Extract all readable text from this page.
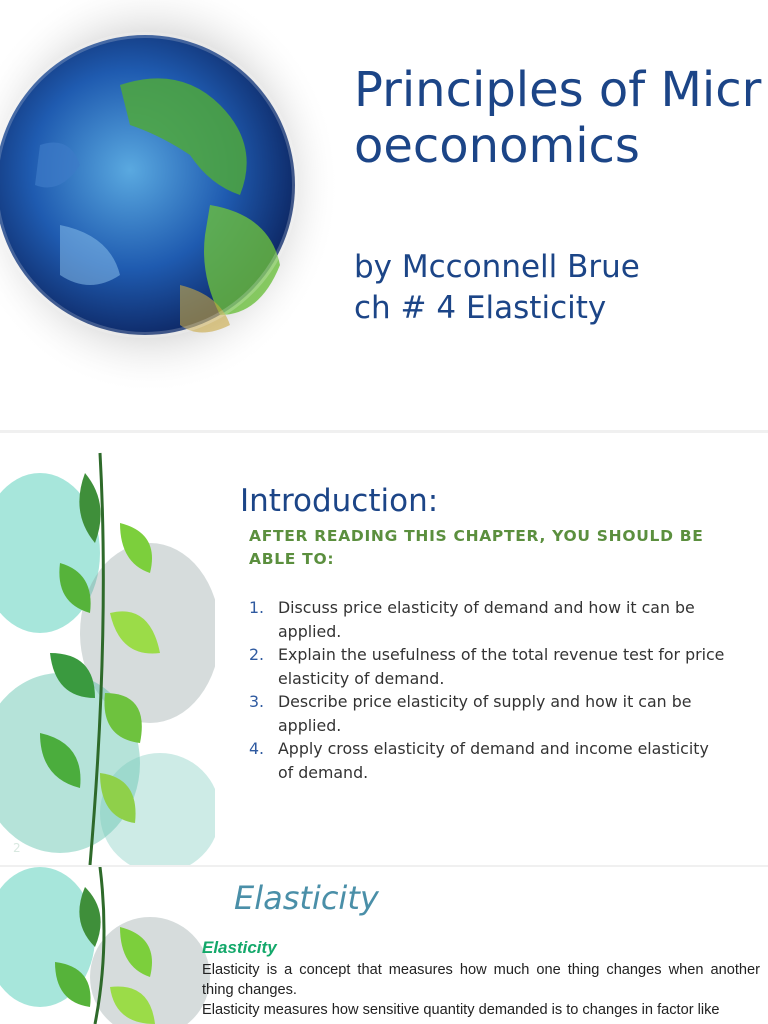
Principles of Microeconomics
by Mcconnell Brue
ch # 4 Elasticity
2
Introduction:
AFTER READING THIS CHAPTER, YOU SHOULD BE ABLE TO:
1. Discuss price elasticity of demand and how it can be applied.
2. Explain the usefulness of the total revenue test for price elasticity of demand.
3. Describe price elasticity of supply and how it can be applied.
4. Apply cross elasticity of demand and income elasticity of demand.
Elasticity
Elasticity

Elasticity is a concept that measures how much one thing changes when another thing changes.

Elasticity measures how sensitive quantity demanded is to changes in factor like
